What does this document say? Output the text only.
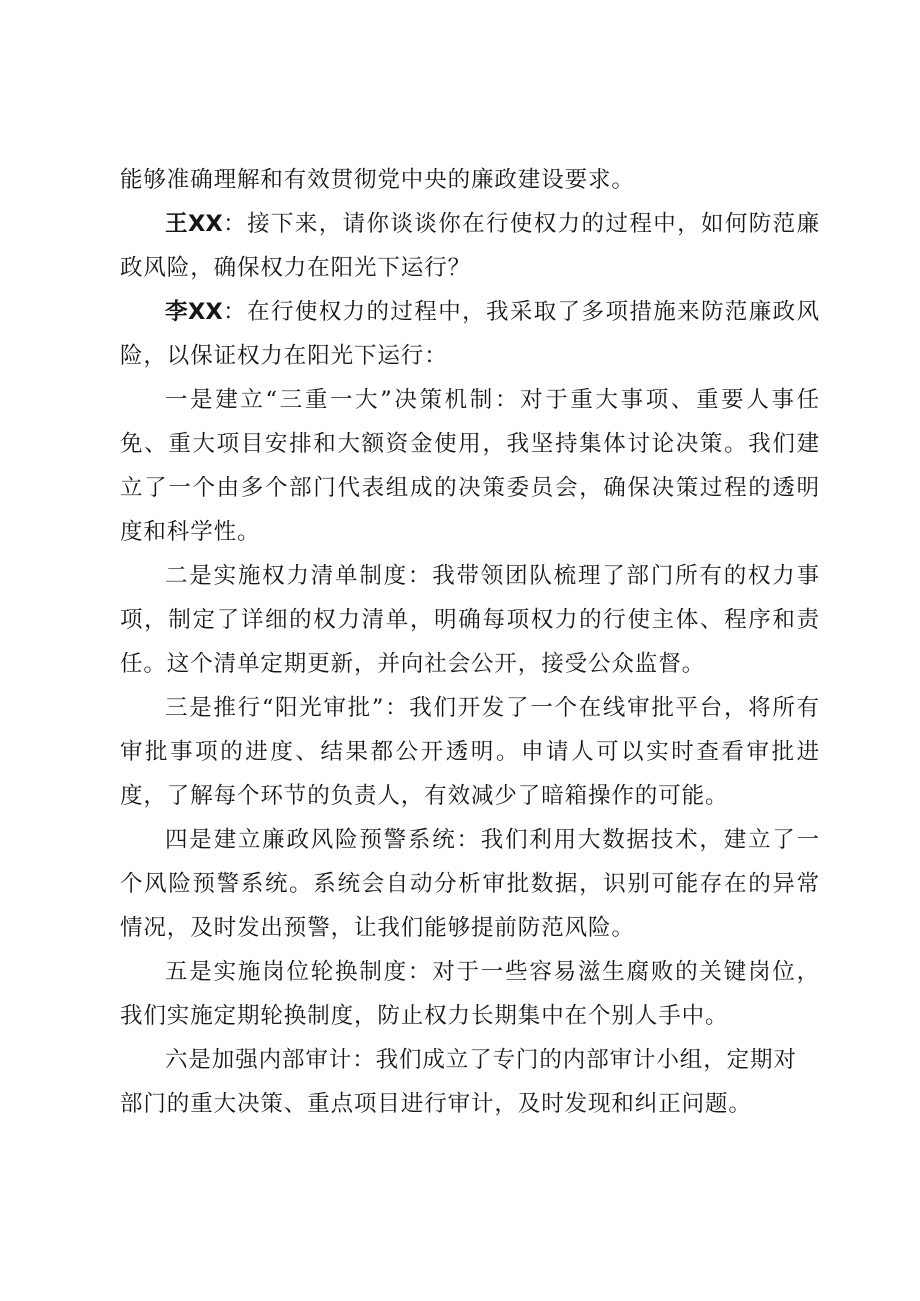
能够准确理解和有效贯彻党中央的廉政建设要求。

王XX：接下来，请你谈谈你在行使权力的过程中，如何防范廉政风险，确保权力在阳光下运行？

李XX：在行使权力的过程中，我采取了多项措施来防范廉政风险，以保证权力在阳光下运行：

一是建立“三重一大”决策机制：对于重大事项、重要人事任免、重大项目安排和大额资金使用，我坚持集体讨论决策。我们建立了一个由多个部门代表组成的决策委员会，确保决策过程的透明度和科学性。

二是实施权力清单制度：我带领团队梳理了部门所有的权力事项，制定了详细的权力清单，明确每项权力的行使主体、程序和责任。这个清单定期更新，并向社会公开，接受公众监督。

三是推行“阳光审批”：我们开发了一个在线审批平台，将所有审批事项的进度、结果都公开透明。申请人可以实时查看审批进度，了解每个环节的负责人，有效减少了暗箱操作的可能。

四是建立廉政风险预警系统：我们利用大数据技术，建立了一个风险预警系统。系统会自动分析审批数据，识别可能存在的异常情况，及时发出预警，让我们能够提前防范风险。

五是实施岗位轮换制度：对于一些容易滋生腐败的关键岗位，我们实施定期轮换制度，防止权力长期集中在个别人手中。

六是加强内部审计：我们成立了专门的内部审计小组，定期对部门的重大决策、重点项目进行审计，及时发现和纠正问题。
